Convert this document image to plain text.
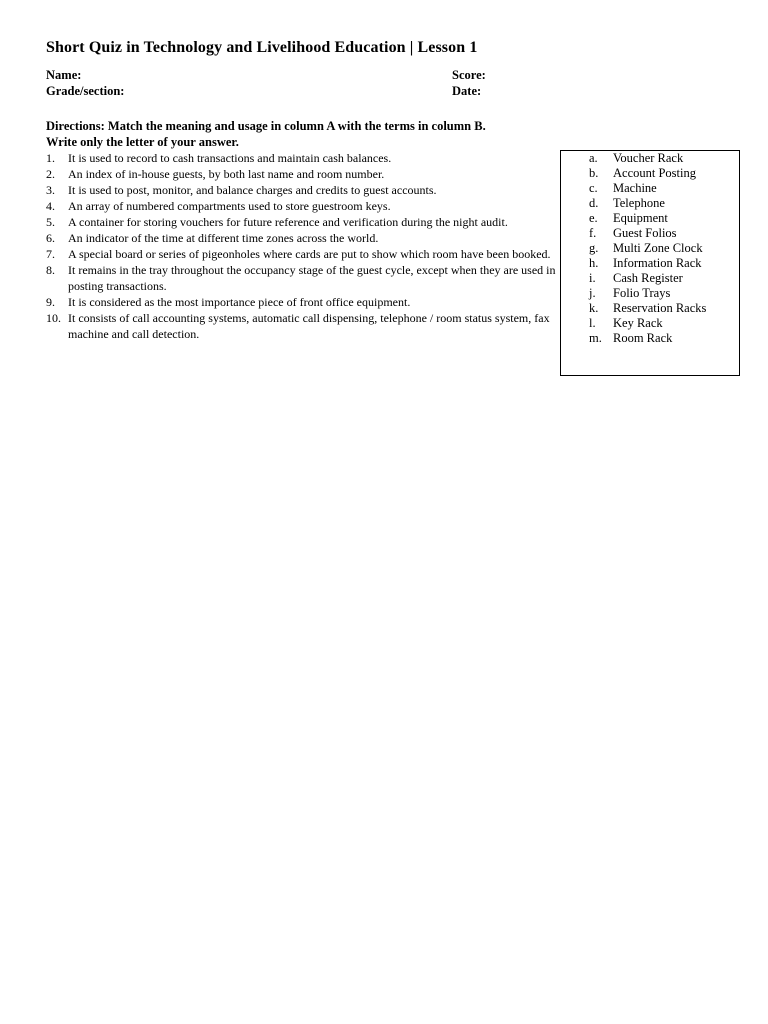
Short Quiz in Technology and Livelihood Education | Lesson 1
Name:	Score:
Grade/section:	Date:
Directions: Match the meaning and usage in column A with the terms in column B.
Write only the letter of your answer.
1. It is used to record to cash transactions and maintain cash balances.
2. An index of in-house guests, by both last name and room number.
3. It is used to post, monitor, and balance charges and credits to guest accounts.
4. An array of numbered compartments used to store guestroom keys.
5. A container for storing vouchers for future reference and verification during the night audit.
6. An indicator of the time at different time zones across the world.
7. A special board or series of pigeonholes where cards are put to show which room have been booked.
8. It remains in the tray throughout the occupancy stage of the guest cycle, except when they are used in posting transactions.
9. It is considered as the most importance piece of front office equipment.
10. It consists of call accounting systems, automatic call dispensing, telephone / room status system, fax machine and call detection.
a. Voucher Rack
b. Account Posting
c. Machine
d. Telephone
e. Equipment
f. Guest Folios
g. Multi Zone Clock
h. Information Rack
i. Cash Register
j. Folio Trays
k. Reservation Racks
l. Key Rack
m. Room Rack
